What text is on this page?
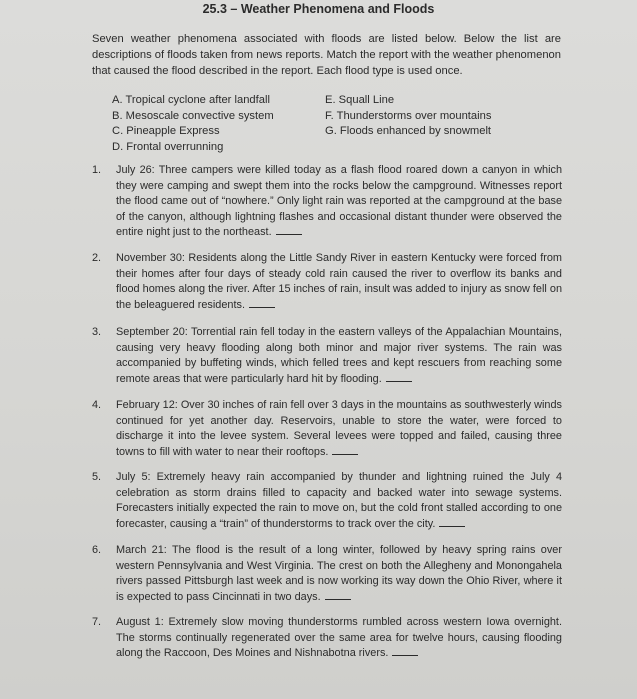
25.3 – Weather Phenomena and Floods
Seven weather phenomena associated with floods are listed below. Below the list are descriptions of floods taken from news reports. Match the report with the weather phenomenon that caused the flood described in the report. Each flood type is used once.
A. Tropical cyclone after landfall
B. Mesoscale convective system
C. Pineapple Express
D. Frontal overrunning
E. Squall Line
F. Thunderstorms over mountains
G. Floods enhanced by snowmelt
1. July 26: Three campers were killed today as a flash flood roared down a canyon in which they were camping and swept them into the rocks below the campground. Witnesses report the flood came out of “nowhere.” Only light rain was reported at the campground at the base of the canyon, although lightning flashes and occasional distant thunder were observed the entire night just to the northeast.
2. November 30: Residents along the Little Sandy River in eastern Kentucky were forced from their homes after four days of steady cold rain caused the river to overflow its banks and flood homes along the river. After 15 inches of rain, insult was added to injury as snow fell on the beleaguered residents.
3. September 20: Torrential rain fell today in the eastern valleys of the Appalachian Mountains, causing very heavy flooding along both minor and major river systems. The rain was accompanied by buffeting winds, which felled trees and kept rescuers from reaching some remote areas that were particularly hard hit by flooding.
4. February 12: Over 30 inches of rain fell over 3 days in the mountains as southwesterly winds continued for yet another day. Reservoirs, unable to store the water, were forced to discharge it into the levee system. Several levees were topped and failed, causing three towns to fill with water to near their rooftops.
5. July 5: Extremely heavy rain accompanied by thunder and lightning ruined the July 4 celebration as storm drains filled to capacity and backed water into sewage systems. Forecasters initially expected the rain to move on, but the cold front stalled according to one forecaster, causing a “train” of thunderstorms to track over the city.
6. March 21: The flood is the result of a long winter, followed by heavy spring rains over western Pennsylvania and West Virginia. The crest on both the Allegheny and Monongahela rivers passed Pittsburgh last week and is now working its way down the Ohio River, where it is expected to pass Cincinnati in two days.
7. August 1: Extremely slow moving thunderstorms rumbled across western Iowa overnight. The storms continually regenerated over the same area for twelve hours, causing flooding along the Raccoon, Des Moines and Nishnabotna rivers.
